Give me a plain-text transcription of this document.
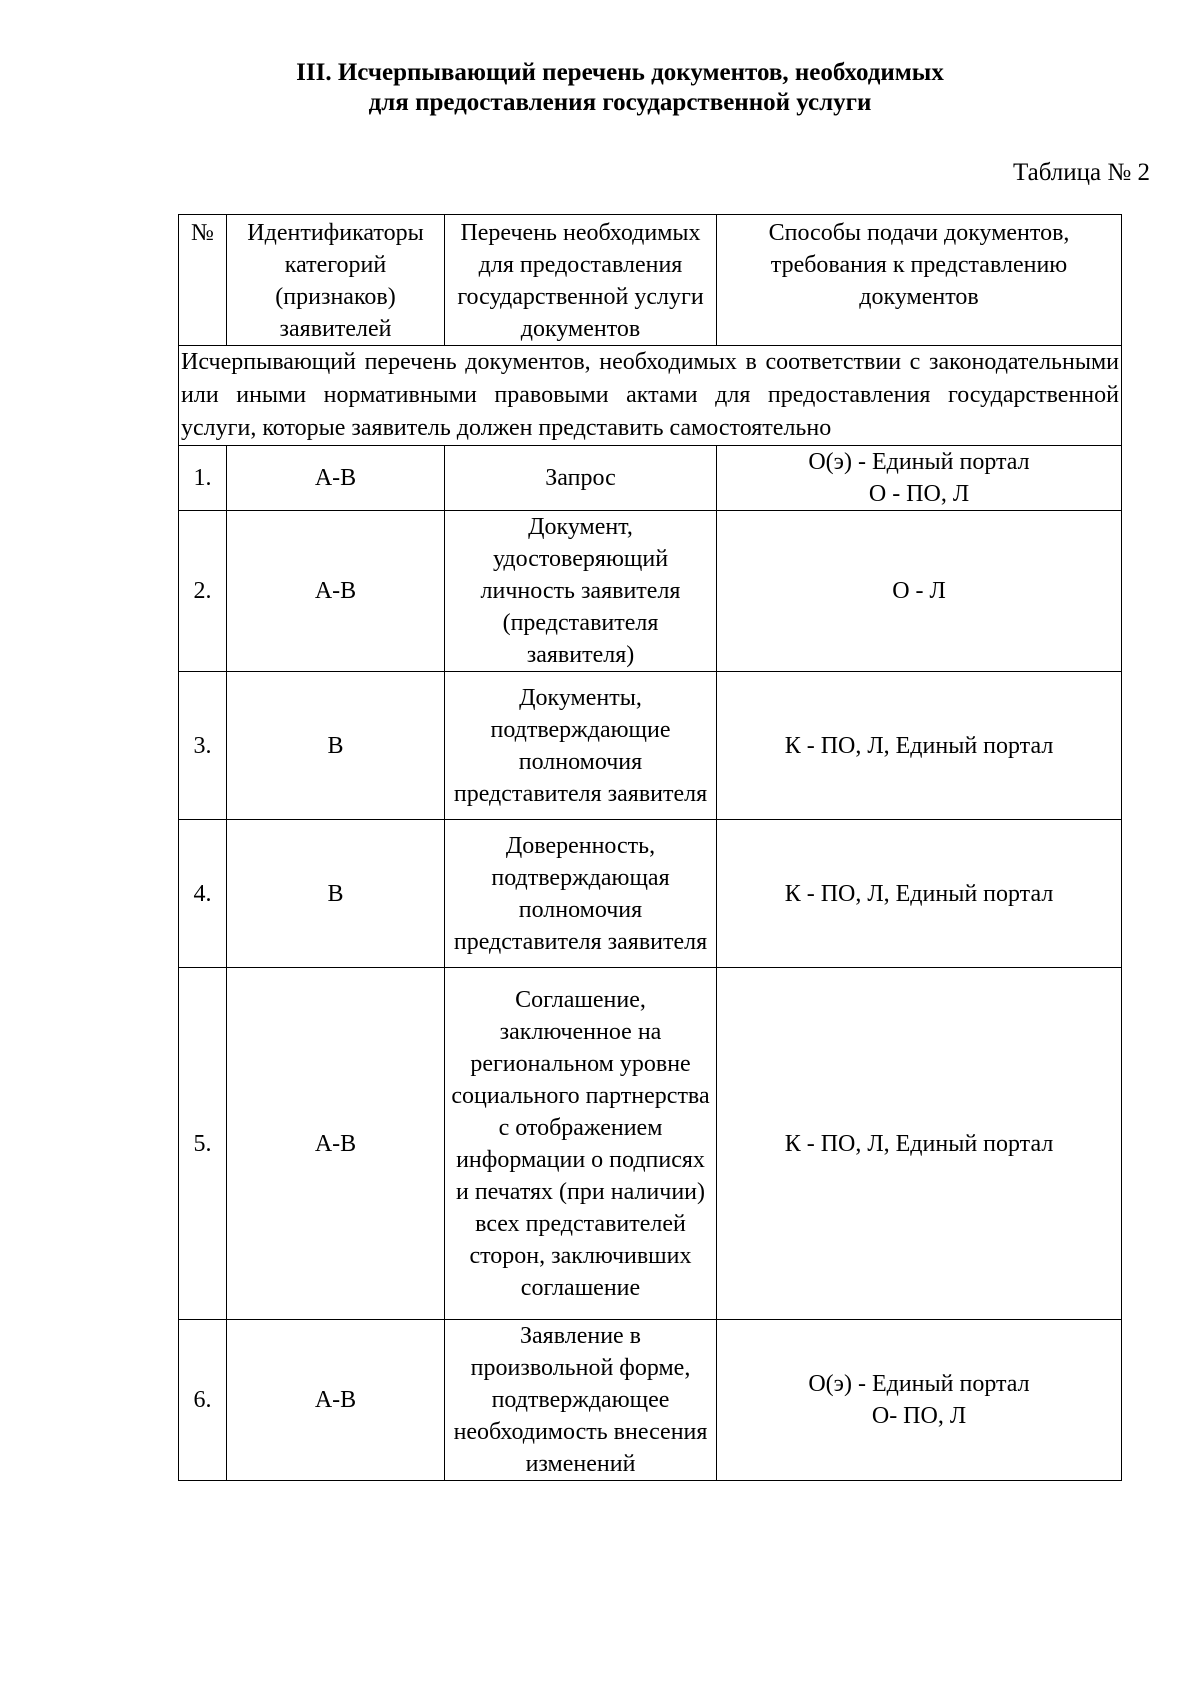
III. Исчерпывающий перечень документов, необходимых
для предоставления государственной услуги
Таблица № 2
№	Идентификаторы категорий (признаков) заявителей	Перечень необходимых для предоставления государственной услуги документов	Способы подачи документов, требования к представлению документов
Исчерпывающий перечень документов, необходимых в соответствии с законодательными или иными нормативными правовыми актами для предоставления государственной услуги, которые заявитель должен представить самостоятельно			
1.	А-В	Запрос	О(э) - Единый портал
О - ПО, Л

2.	А-В	Документ, удостоверяющий личность заявителя (представителя заявителя)	О - Л

3.	В	Документы, подтверждающие полномочия представителя заявителя	К - ПО, Л, Единый портал

4.	В	Доверенность, подтверждающая полномочия представителя заявителя	К - ПО, Л, Единый портал

5.	А-В	Соглашение, заключенное на региональном уровне социального партнерства с отображением информации о подписях и печатях (при наличии) всех представителей сторон, заключивших соглашение	К - ПО, Л, Единый портал

6.	А-В	Заявление в произвольной форме, подтверждающее необходимость внесения изменений	О(э) - Единый портал
О- ПО, Л
